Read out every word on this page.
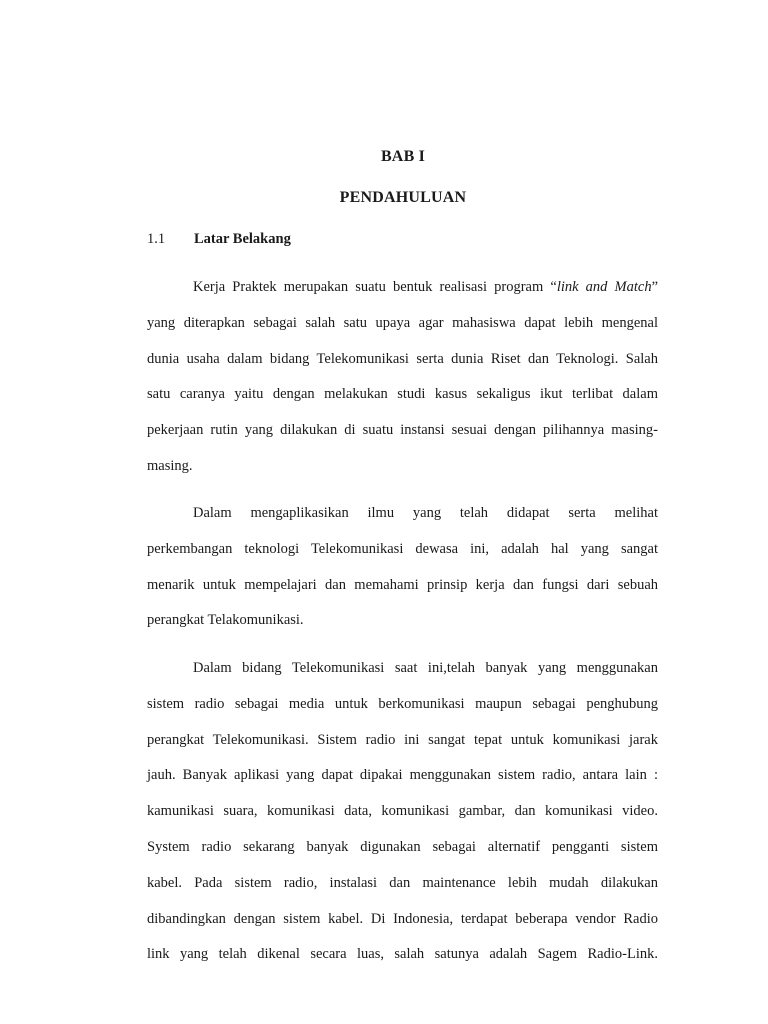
BAB I
PENDAHULUAN
1.1 Latar Belakang
Kerja Praktek merupakan suatu bentuk realisasi program “link and Match”
yang diterapkan sebagai salah satu upaya agar mahasiswa dapat lebih mengenal
dunia usaha dalam bidang Telekomunikasi serta dunia Riset dan Teknologi. Salah
satu caranya yaitu dengan melakukan studi kasus sekaligus ikut terlibat dalam
pekerjaan rutin yang dilakukan di suatu instansi sesuai dengan pilihannya masing-
masing.
Dalam mengaplikasikan ilmu yang telah didapat serta melihat
perkembangan teknologi Telekomunikasi dewasa ini, adalah hal yang sangat
menarik untuk mempelajari dan memahami prinsip kerja dan fungsi dari sebuah
perangkat Telakomunikasi.
Dalam bidang Telekomunikasi saat ini,telah banyak yang menggunakan
sistem radio sebagai media untuk berkomunikasi maupun sebagai penghubung
perangkat Telekomunikasi. Sistem radio ini sangat tepat untuk komunikasi jarak
jauh. Banyak aplikasi yang dapat dipakai menggunakan sistem radio, antara lain :
kamunikasi suara, komunikasi data, komunikasi gambar, dan komunikasi video.
System radio sekarang banyak digunakan sebagai alternatif pengganti sistem
kabel. Pada sistem radio, instalasi dan maintenance lebih mudah dilakukan
dibandingkan dengan sistem kabel. Di Indonesia, terdapat beberapa vendor Radio
link yang telah dikenal secara luas, salah satunya adalah Sagem Radio-Link.
